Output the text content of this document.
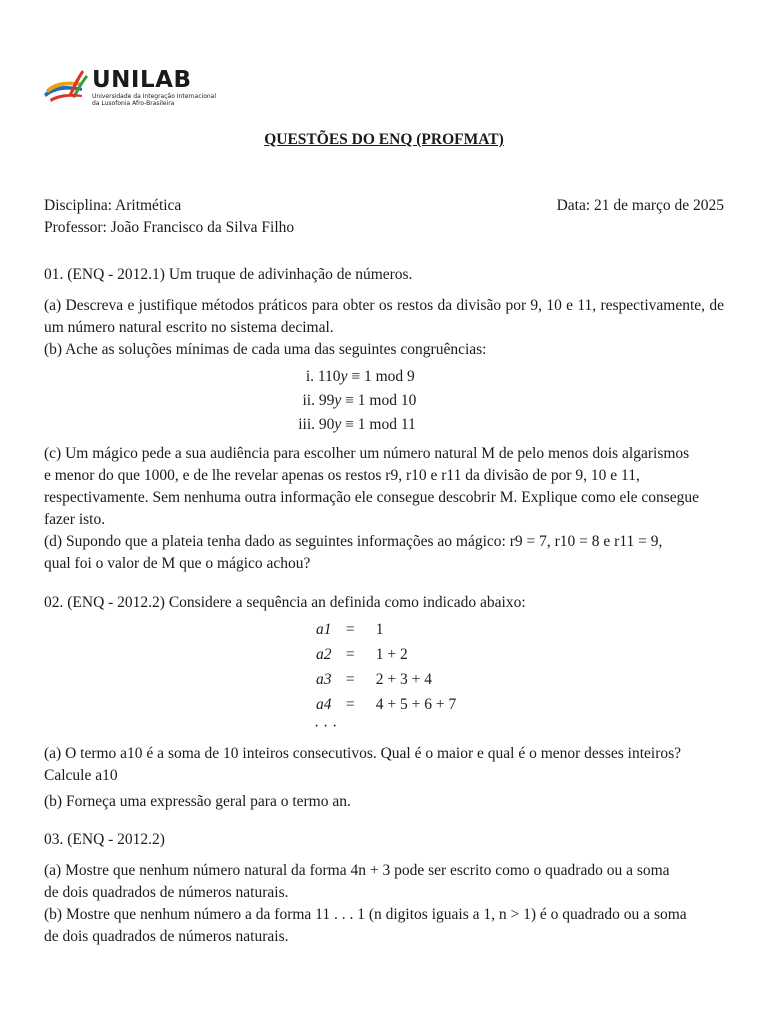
UNILAB
Universidade da Integração Internacional
da Lusofonia Afro-Brasileira
QUESTÕES DO ENQ (PROFMAT)
Disciplina: Aritmética	Data: 21 de março de 2025
Professor: João Francisco da Silva Filho
01. (ENQ - 2012.1) Um truque de adivinhação de números.
(a) Descreva e justifique métodos práticos para obter os restos da divisão por 9, 10 e 11, respectivamente, de um número natural escrito no sistema decimal.
(b) Ache as soluções mínimas de cada uma das seguintes congruências:
i. 110y ≡ 1 mod 9
ii. 99y ≡ 1 mod 10
iii. 90y ≡ 1 mod 11
(c) Um mágico pede a sua audiência para escolher um número natural M de pelo menos dois algarismos
e menor do que 1000, e de lhe revelar apenas os restos r9, r10 e r11 da divisão de por 9, 10 e 11,
respectivamente. Sem nenhuma outra informação ele consegue descobrir M. Explique como ele consegue
fazer isto.
(d) Supondo que a plateia tenha dado as seguintes informações ao mágico: r9 = 7, r10 = 8 e r11 = 9,
qual foi o valor de M que o mágico achou?
02. (ENQ - 2012.2) Considere a sequência an definida como indicado abaixo:
a1 = 1
a2 = 1 + 2
a3 = 2 + 3 + 4
a4 = 4 + 5 + 6 + 7
· · ·
(a) O termo a10 é a soma de 10 inteiros consecutivos. Qual é o maior e qual é o menor desses inteiros?
Calcule a10
(b) Forneça uma expressão geral para o termo an.
03. (ENQ - 2012.2)
(a) Mostre que nenhum número natural da forma 4n + 3 pode ser escrito como o quadrado ou a soma
de dois quadrados de números naturais.
(b) Mostre que nenhum número a da forma 11 . . . 1 (n digitos iguais a 1, n > 1) é o quadrado ou a soma
de dois quadrados de números naturais.
